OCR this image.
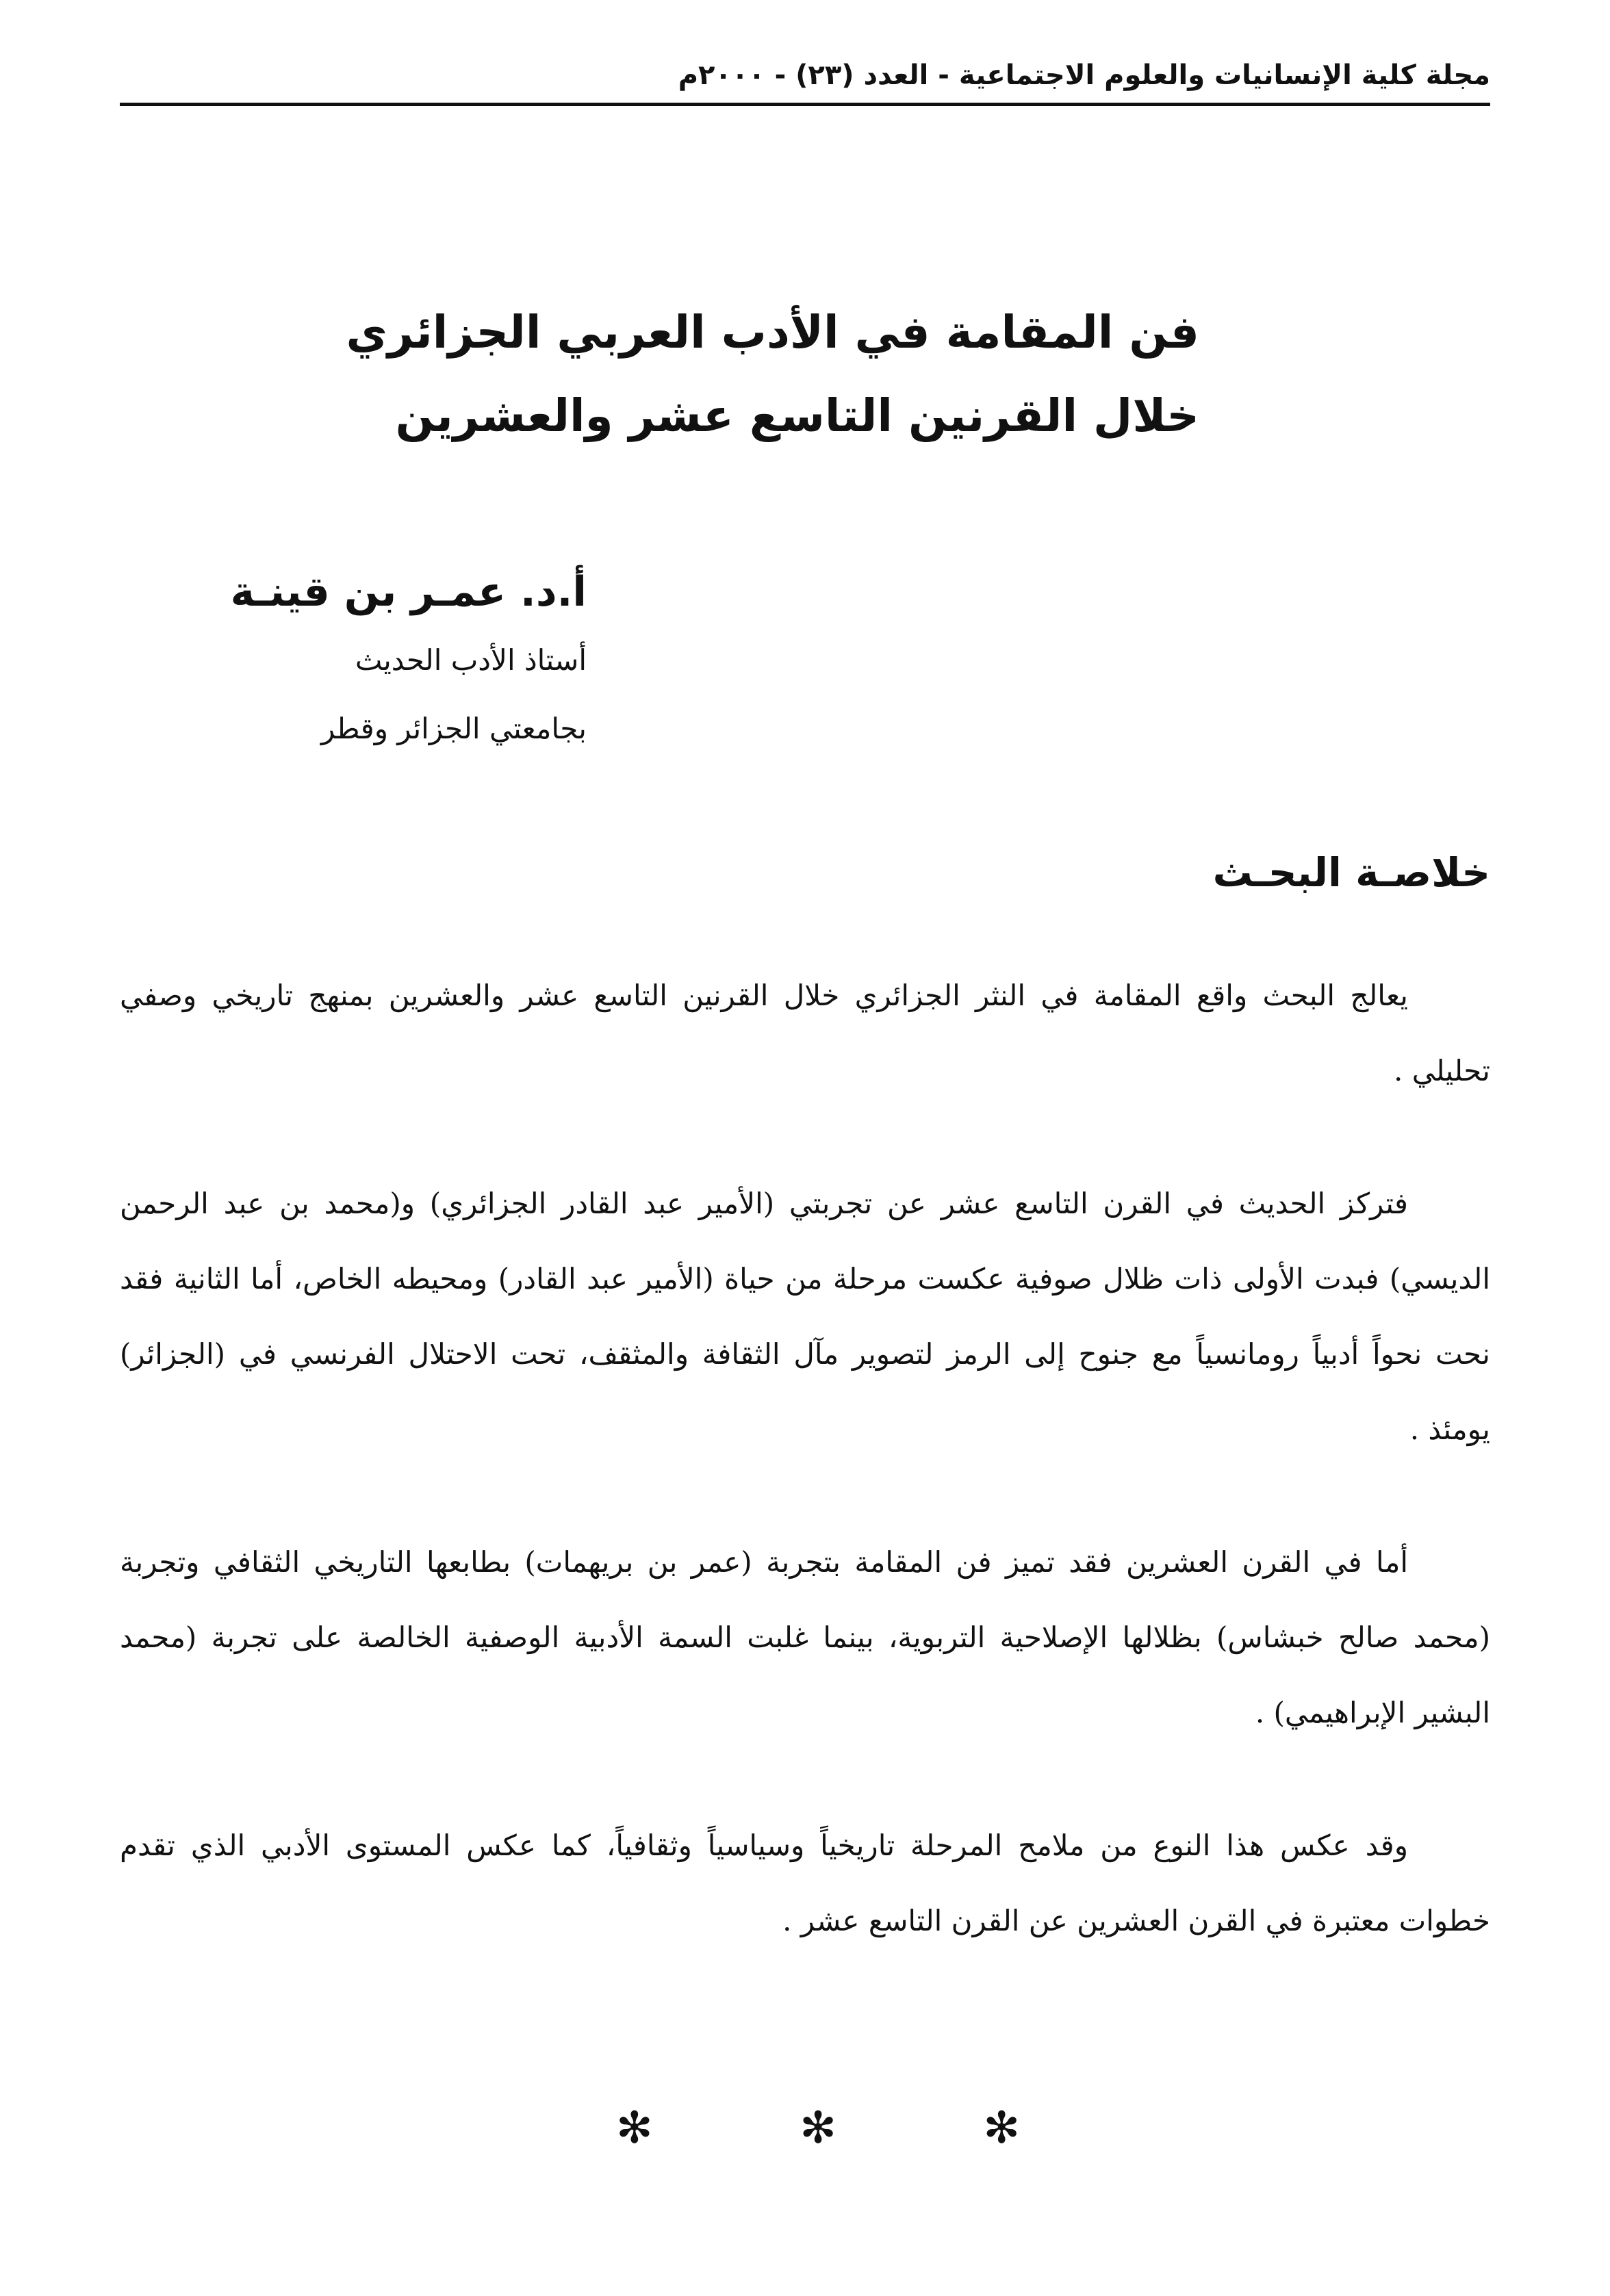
مجلة كلية الإنسانيات والعلوم الاجتماعية - العدد (٢٣) - ٢٠٠٠م
فن المقامة في الأدب العربي الجزائري
خلال القرنين التاسع عشر والعشرين
أ.د. عمـر بن قينـة
أستاذ الأدب الحديث
بجامعتي الجزائر وقطر
خلاصـة البحـث

يعالج البحث واقع المقامة في النثر الجزائري خلال القرنين التاسع عشر والعشرين بمنهج تاريخي وصفي تحليلي .

فتركز الحديث في القرن التاسع عشر عن تجربتي (الأمير عبد القادر الجزائري) و(محمد بن عبد الرحمن الديسي) فبدت الأولى ذات ظلال صوفية عكست مرحلة من حياة (الأمير عبد القادر) ومحيطه الخاص، أما الثانية فقد نحت نحواً أدبياً رومانسياً مع جنوح إلى الرمز لتصوير مآل الثقافة والمثقف، تحت الاحتلال الفرنسي في (الجزائر) يومئذ .

أما في القرن العشرين فقد تميز فن المقامة بتجربة (عمر بن بريهمات) بطابعها التاريخي الثقافي وتجربة (محمد صالح خبشاس) بظلالها الإصلاحية التربوية، بينما غلبت السمة الأدبية الوصفية الخالصة على تجربة (محمد البشير الإبراهيمي) .

وقد عكس هذا النوع من ملامح المرحلة تاريخياً وسياسياً وثقافياً، كما عكس المستوى الأدبي الذي تقدم خطوات معتبرة في القرن العشرين عن القرن التاسع عشر .

✻	✻	✻
